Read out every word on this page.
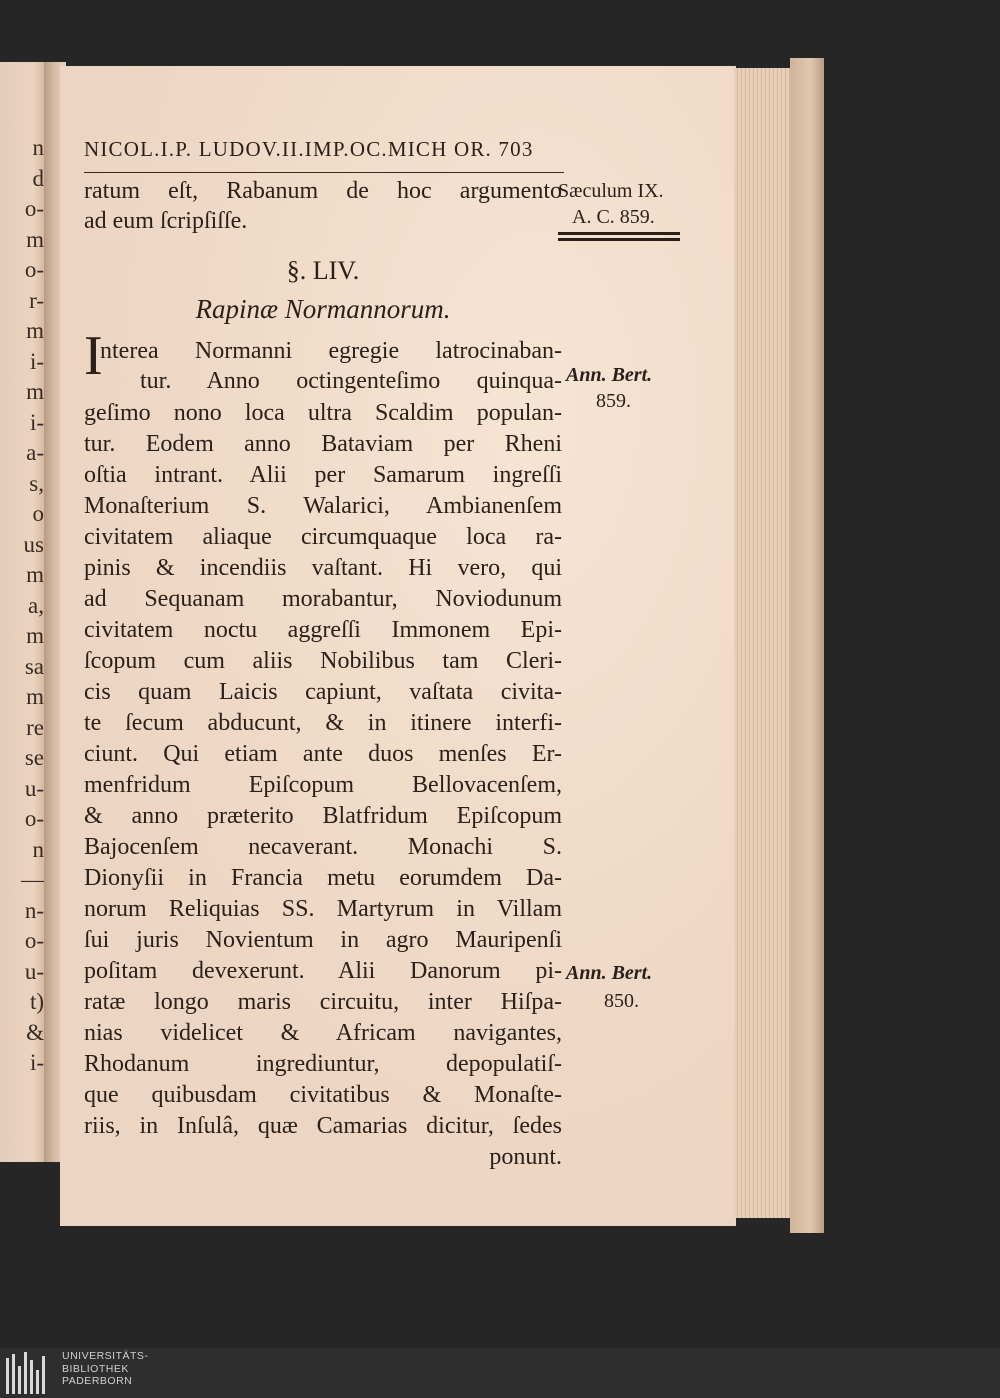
n
d
o-
m
o-
r-
m
i-
m
i-
a-
s,
o
us
m
a,
m
sa
m
re
se
u-
o-
n
—
n-
o-
u-
t)
&
i-
NICOL.I.P. LUDOV.II.IMP.OC.MICH OR. 703
Sæculum IX.
A. C. 859.
Ann. Bert.
859.
Ann. Bert.
850.
I
ratum eſt, Rabanum de hoc argumento
ad eum ſcripſiſſe.
§. LIV.
Rapinæ Normannorum.
nterea Normanni egregie latrocinaban-
tur. Anno octingenteſimo quinqua-
geſimo nono loca ultra Scaldim populan-
tur. Eodem anno Bataviam per Rheni
oſtia intrant. Alii per Samarum ingreſſi
Monaſterium S. Walarici, Ambianenſem
civitatem aliaque circumquaque loca ra-
pinis & incendiis vaſtant. Hi vero, qui
ad Sequanam morabantur, Noviodunum
civitatem noctu aggreſſi Immonem Epi-
ſcopum cum aliis Nobilibus tam Cleri-
cis quam Laicis capiunt, vaſtata civita-
te ſecum abducunt, & in itinere interfi-
ciunt. Qui etiam ante duos menſes Er-
menfridum Epiſcopum Bellovacenſem,
& anno præterito Blatfridum Epiſcopum
Bajocenſem necaverant. Monachi S.
Dionyſii in Francia metu eorumdem Da-
norum Reliquias SS. Martyrum in Villam
ſui juris Novientum in agro Mauripenſi
poſitam devexerunt. Alii Danorum pi-
ratæ longo maris circuitu, inter Hiſpa-
nias videlicet & Africam navigantes,
Rhodanum ingrediuntur, depopulatiſ-
que quibusdam civitatibus & Monaſte-
riis, in Inſulâ, quæ Camarias dicitur, ſedes
ponunt.
UNIVERSITÄTS-
BIBLIOTHEK
PADERBORN
